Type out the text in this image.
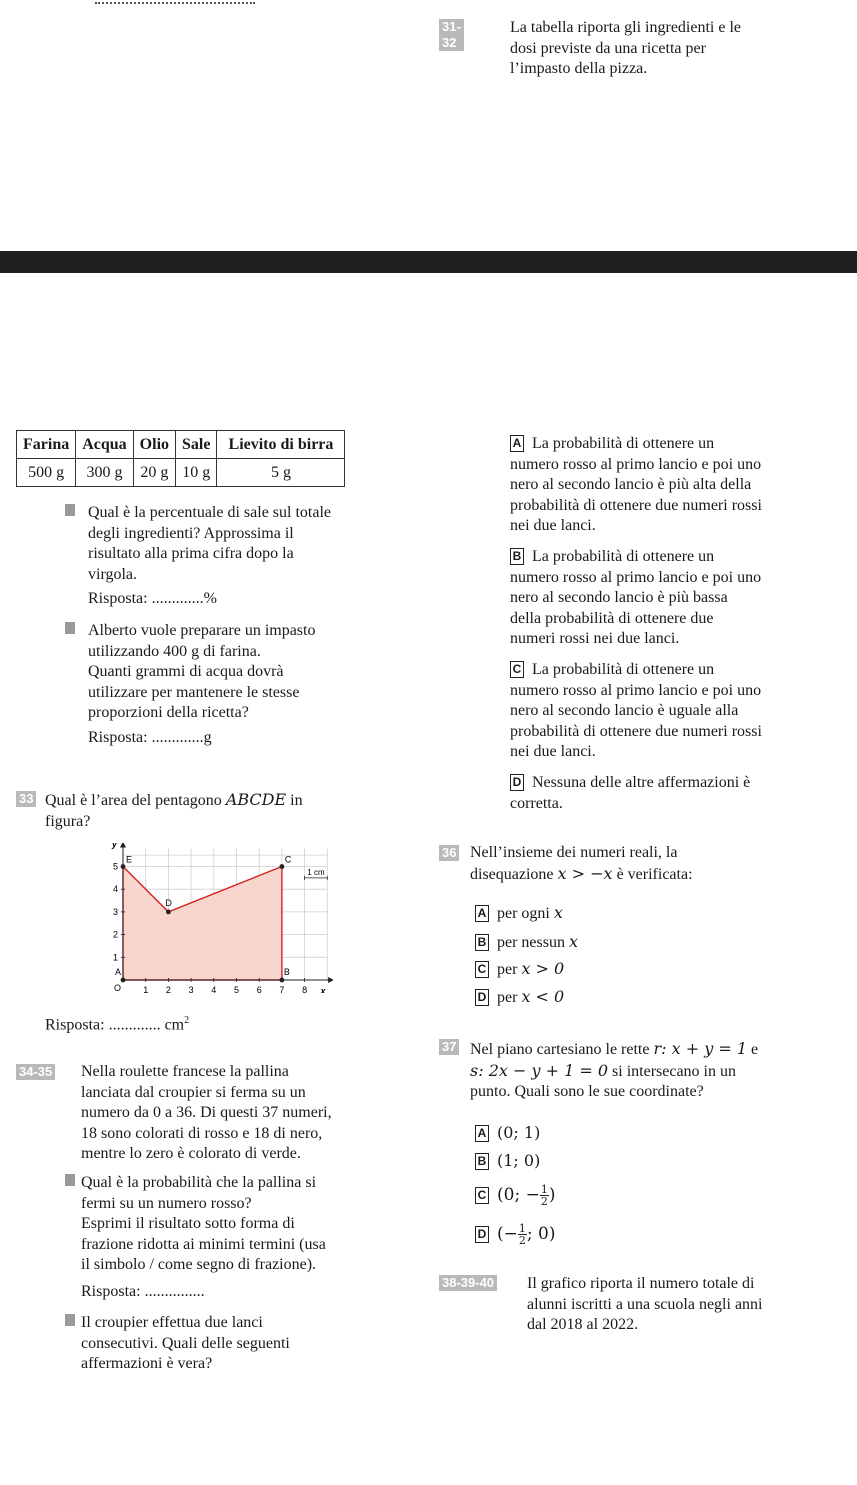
31-32
La tabella riporta gli ingredienti e le
dosi previste da una ricetta per
l’impasto della pizza.
Farina	Acqua	Olio	Sale	Lievito di birra
500 g	300 g	20 g	10 g	5 g
Qual è la percentuale di sale sul totale
degli ingredienti? Approssima il
risultato alla prima cifra dopo la
virgola.
Risposta: .............%
Alberto vuole preparare un impasto
utilizzando 400 g di farina.
Quanti grammi di acqua dovrà
utilizzare per mantenere le stesse
proporzioni della ricetta?
Risposta: .............g
33 Qual è l’area del pentagono ABCDE in
figura?
x
y
O
1 cm
1 2 3 4 5 6 7 8
1
2
3
4
5
A	B
C
D
E
Risposta: ............. $cm^2$
34-35 Nella roulette francese la pallina
lanciata dal croupier si ferma su un
numero da 0 a 36. Di questi 37 numeri,
18 sono colorati di rosso e 18 di nero,
mentre lo zero è colorato di verde.
Qual è la probabilità che la pallina si
fermi su un numero rosso?
Esprimi il risultato sotto forma di
frazione ridotta ai minimi termini (usa
il simbolo / come segno di frazione).
Risposta: ...............
Il croupier effettua due lanci
consecutivi. Quali delle seguenti
affermazioni è vera?
A La probabilità di ottenere un
numero rosso al primo lancio e poi uno
nero al secondo lancio è più alta della
probabilità di ottenere due numeri rossi
nei due lanci.
B La probabilità di ottenere un
numero rosso al primo lancio e poi uno
nero al secondo lancio è più bassa
della probabilità di ottenere due
numeri rossi nei due lanci.
C La probabilità di ottenere un
numero rosso al primo lancio e poi uno
nero al secondo lancio è uguale alla
probabilità di ottenere due numeri rossi
nei due lanci.
D Nessuna delle altre affermazioni è
corretta.
36 Nell’insieme dei numeri reali, la
disequazione x > −x è verificata:
A per ogni x
B per nessun x
C per x > 0
D per x < 0
37 Nel piano cartesiano le rette r: x + y = 1 e
s: 2x − y + 1 = 0 si intersecano in un
punto. Quali sono le sue coordinate?
A (0; 1)
B (1; 0)
C (0; − $\frac{1}{2}$ )
D (− $\frac{1}{2}$ ; 0)
38-39-40 Il grafico riporta il numero totale di
alunni iscritti a una scuola negli anni
dal 2018 al 2022.
